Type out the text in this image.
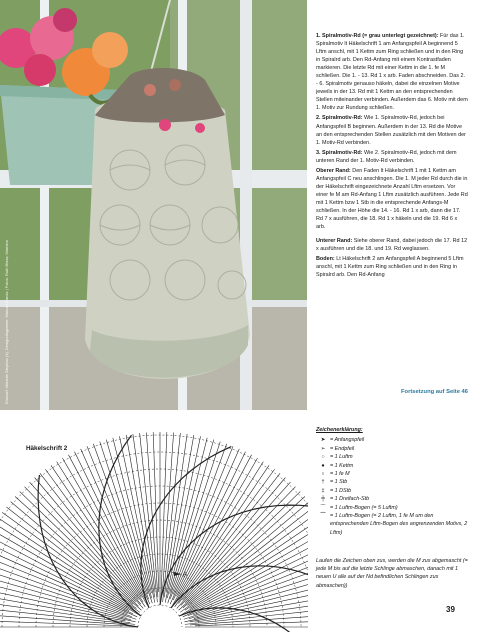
Entwurf: Melanie Stephan (1), Designdiagramm: Manuel Garcia | Fotos: Ruth Blass; Mariano

1. Spiralmotiv-Rd (= grau unterlegt gezeichnet): Für das 1. Spiralmotiv lt Häkelschrift 1 am Anfangspfeil A beginnend 5 Lftm anschl, mit 1 Kettm zum Ring schließen und in den Ring in Spiralrd arb. Den Rd-Anfang mit einem Kontrastfaden markieren. Die letzte Rd mit einer Kettm in die 1. fe M schließen. Die 1. - 13. Rd 1 x arb. Faden abschneiden. Das 2. - 6. Spiralmotiv genauso häkeln, dabei die einzelnen Motive jeweils in der 13. Rd mit 1 Kettm an den entsprechenden Stellen miteinander verbinden. Außerdem das 6. Motiv mit dem 1. Motiv zur Rundung schließen.

2. Spiralmotiv-Rd: Wie 1. Spiralmotiv-Rd, jedoch bei Anfangspfeil B beginnen. Außerdem in der 13. Rd die Motive an den entsprechenden Stellen zusätzlich mit den Motiven der 1. Motiv-Rd verbinden.

3. Spiralmotiv-Rd: Wie 2. Spiralmotiv-Rd, jedoch mit dem unteren Rand der 1. Motiv-Rd verbinden.

Oberer Rand: Den Faden lt Häkelschrift 1 mit 1 Kettm am Anfangspfeil C neu anschlingen. Die 1. M jeder Rd durch die in der Häkelschrift eingezeichnete Anzahl Lftm ersetzen. Vor einer fe M am Rd-Anfang 1 Lftm zusätzlich ausführen. Jede Rd mit 1 Kettm bzw 1 Stb in die entsprechende Anfangs-M schließen. In der Höhe die 14. - 16. Rd 1 x arb, dann die 17. Rd 7 x ausführen, die 18. Rd 1 x häkeln und die 19. Rd 6 x arb.

Unterer Rand: Siehe oberer Rand, dabei jedoch die 17. Rd 12 x ausführen und die 18. und 19. Rd weglassen.

Boden: Lt Häkelschrift 2 am Anfangspfeil A beginnend 5 Lftm anschl, mit 1 Kettm zum Ring schließen und in den Ring in Spiralrd arb. Den Rd-Anfang

Fortsetzung auf Seite 46
Häkelschrift 2
A
Zeichenerklärung:
➤ = Anfangspfeil
➢ = Endpfeil
○ = 1 Luftm
● = 1 Kettm
ı	= 1 fe M
†	= 1 Stb
‡	= 1 DStb
╪ = 1 Dreifach-Stb
⌒ = 1 Luftm-Bogen (= 5 Luftm)
⏜ = 1 Luftm-Bogen (= 2 Luftm, 1 fe M um den entsprechenden Lftm-Bogen des angrenzenden Motivs, 2 Lftm)
Laufen die Zeichen oben zus, werden die M zus abgemascht (= jede M bis auf die letzte Schlinge abmaschen, danach mit 1 neuen U alle auf der Nd befindlichen Schlingen zus abmaschen))
39
